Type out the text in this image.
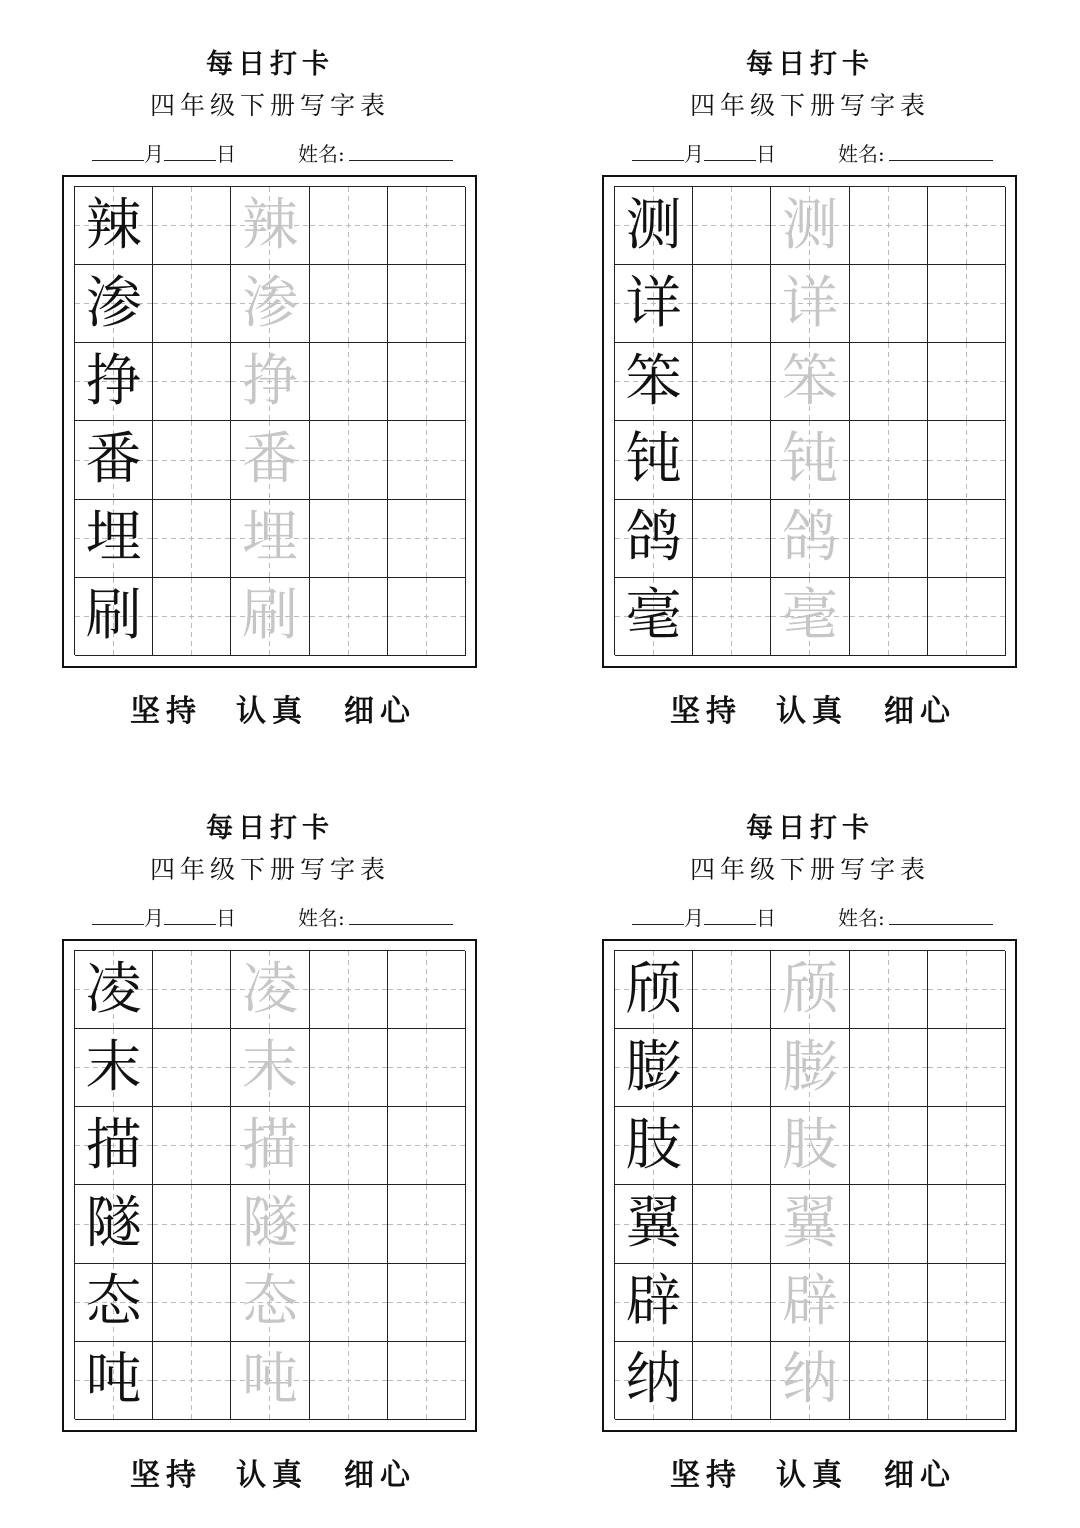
每日打卡
四年级下册写字表
月	日	姓名:
辣 辣
渗 渗
挣 挣
番 番
埋 埋
刷 刷
坚持 认真 细心
每日打卡
四年级下册写字表
月	日	姓名:
测 测
详 详
笨 笨
钝 钝
鸽 鸽
毫 毫
坚持 认真 细心
每日打卡
四年级下册写字表
月	日	姓名:
凌 凌
末 末
描 描
隧 隧
态 态
吨 吨
坚持 认真 细心
每日打卡
四年级下册写字表
月	日	姓名:
颀 颀
膨 膨
肢 肢
翼 翼
辟 辟
纳 纳
坚持 认真 细心
